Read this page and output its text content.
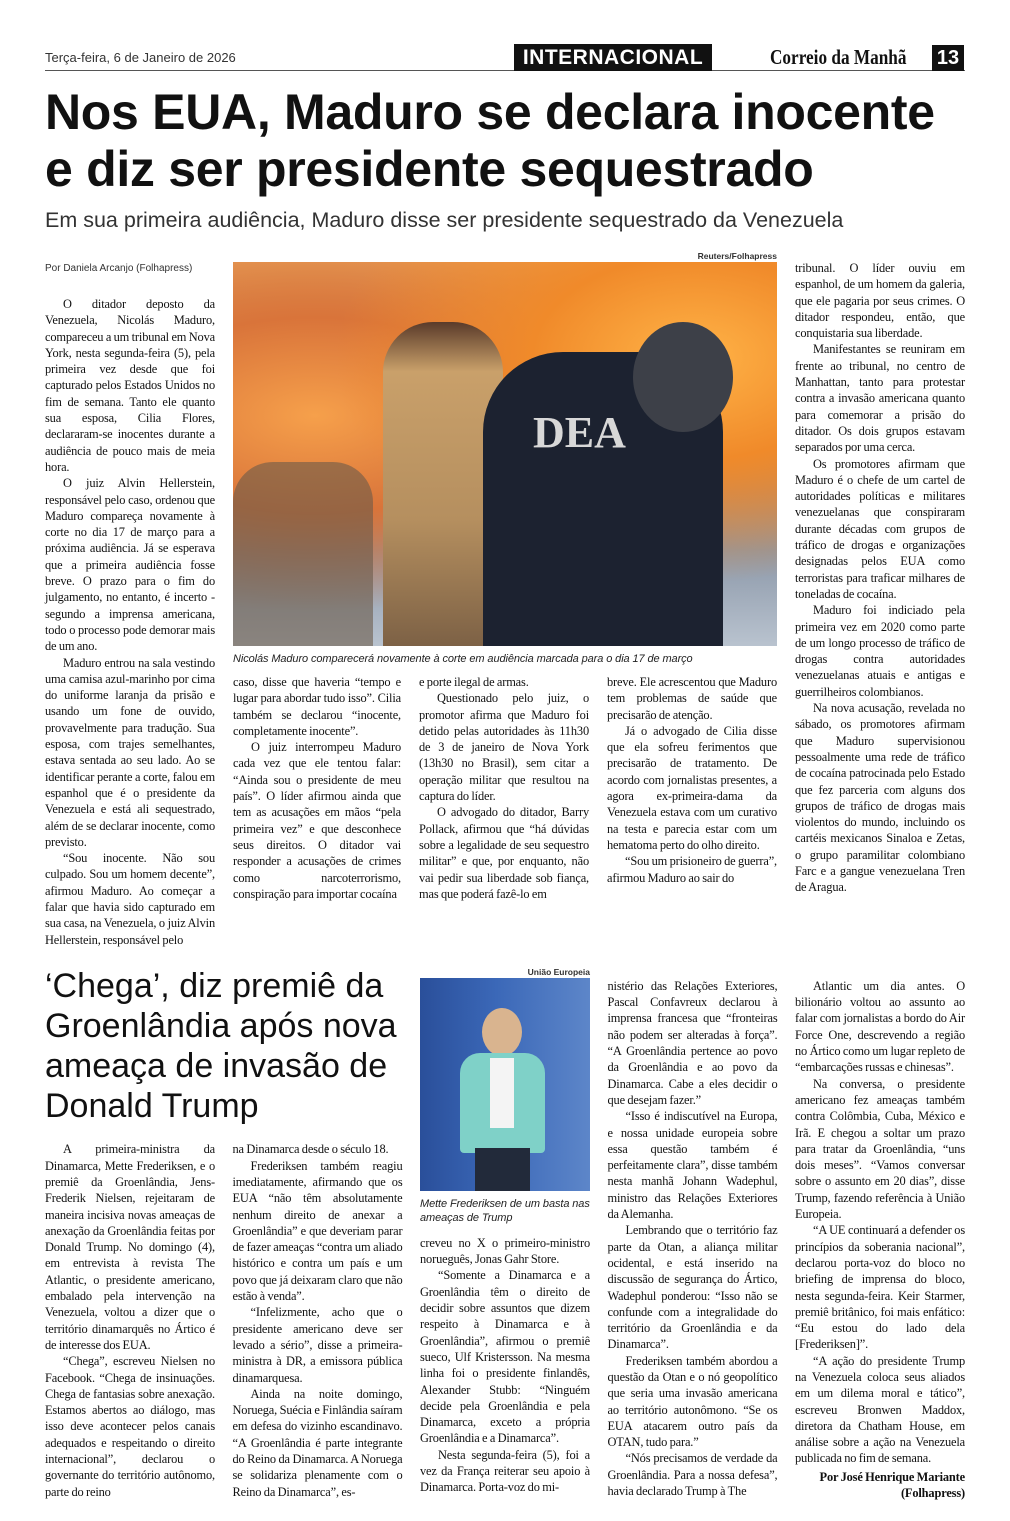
Terça-feira, 6 de Janeiro de 2026	INTERNACIONAL	Correio da Manhã 13
Nos EUA, Maduro se declara inocente e diz ser presidente sequestrado
Em sua primeira audiência, Maduro disse ser presidente sequestrado da Venezuela
Por Daniela Arcanjo (Folhapress)

O ditador deposto da Venezuela, Nicolás Maduro, compareceu a um tribunal em Nova York, nesta segunda-feira (5), pela primeira vez desde que foi capturado pelos Estados Unidos no fim de semana. Tanto ele quanto sua esposa, Cilia Flores, declararam-se inocentes durante a audiência de pouco mais de meia hora.

O juiz Alvin Hellerstein, responsável pelo caso, ordenou que Maduro compareça novamente à corte no dia 17 de março para a próxima audiência. Já se esperava que a primeira audiência fosse breve. O prazo para o fim do julgamento, no entanto, é incerto - segundo a imprensa americana, todo o processo pode demorar mais de um ano.

Maduro entrou na sala vestindo uma camisa azul-marinho por cima do uniforme laranja da prisão e usando um fone de ouvido, provavelmente para tradução. Sua esposa, com trajes semelhantes, estava sentada ao seu lado. Ao se identificar perante a corte, falou em espanhol que é o presidente da Venezuela e está ali sequestrado, além de se declarar inocente, como previsto.

“Sou inocente. Não sou culpado. Sou um homem decente”, afirmou Maduro. Ao começar a falar que havia sido capturado em sua casa, na Venezuela, o juiz Alvin Hellerstein, responsável pelo

Reuters/Folhapress
DEA
Nicolás Maduro comparecerá novamente à corte em audiência marcada para o dia 17 de março

caso, disse que haveria “tempo e lugar para abordar tudo isso”. Cilia também se declarou “inocente, completamente inocente”.

O juiz interrompeu Maduro cada vez que ele tentou falar: “Ainda sou o presidente de meu país”. O líder afirmou ainda que tem as acusações em mãos “pela primeira vez” e que desconhece seus direitos. O ditador vai responder a acusações de crimes como narcoterrorismo, conspiração para importar cocaína

e porte ilegal de armas.

Questionado pelo juiz, o promotor afirma que Maduro foi detido pelas autoridades às 11h30 de 3 de janeiro de Nova York (13h30 no Brasil), sem citar a operação militar que resultou na captura do líder.

O advogado do ditador, Barry Pollack, afirmou que “há dúvidas sobre a legalidade de seu sequestro militar” e que, por enquanto, não vai pedir sua liberdade sob fiança, mas que poderá fazê-lo em

breve. Ele acrescentou que Maduro tem problemas de saúde que precisarão de atenção.

Já o advogado de Cilia disse que ela sofreu ferimentos que precisarão de tratamento. De acordo com jornalistas presentes, a agora ex-primeira-dama da Venezuela estava com um curativo na testa e parecia estar com um hematoma perto do olho direito.

“Sou um prisioneiro de guerra”, afirmou Maduro ao sair do

tribunal. O líder ouviu em espanhol, de um homem da galeria, que ele pagaria por seus crimes. O ditador respondeu, então, que conquistaria sua liberdade.

Manifestantes se reuniram em frente ao tribunal, no centro de Manhattan, tanto para protestar contra a invasão americana quanto para comemorar a prisão do ditador. Os dois grupos estavam separados por uma cerca.

Os promotores afirmam que Maduro é o chefe de um cartel de autoridades políticas e militares venezuelanas que conspiraram durante décadas com grupos de tráfico de drogas e organizações designadas pelos EUA como terroristas para traficar milhares de toneladas de cocaína.

Maduro foi indiciado pela primeira vez em 2020 como parte de um longo processo de tráfico de drogas contra autoridades venezuelanas atuais e antigas e guerrilheiros colombianos.

Na nova acusação, revelada no sábado, os promotores afirmam que Maduro supervisionou pessoalmente uma rede de tráfico de cocaína patrocinada pelo Estado que fez parceria com alguns dos grupos de tráfico de drogas mais violentos do mundo, incluindo os cartéis mexicanos Sinaloa e Zetas, o grupo paramilitar colombiano Farc e a gangue venezuelana Tren de Aragua.

‘Chega’, diz premiê da Groenlândia após nova ameaça de invasão de Donald Trump

A primeira-ministra da Dinamarca, Mette Frederiksen, e o premiê da Groenlândia, Jens-Frederik Nielsen, rejeitaram de maneira incisiva novas ameaças de anexação da Groenlândia feitas por Donald Trump. No domingo (4), em entrevista à revista The Atlantic, o presidente americano, embalado pela intervenção na Venezuela, voltou a dizer que o território dinamarquês no Ártico é de interesse dos EUA.

“Chega”, escreveu Nielsen no Facebook. “Chega de insinuações. Chega de fantasias sobre anexação. Estamos abertos ao diálogo, mas isso deve acontecer pelos canais adequados e respeitando o direito internacional”, declarou o governante do território autônomo, parte do reino

na Dinamarca desde o século 18.

Frederiksen também reagiu imediatamente, afirmando que os EUA “não têm absolutamente nenhum direito de anexar a Groenlândia” e que deveriam parar de fazer ameaças “contra um aliado histórico e contra um país e um povo que já deixaram claro que não estão à venda”.

“Infelizmente, acho que o presidente americano deve ser levado a sério”, disse a primeira-ministra à DR, a emissora pública dinamarquesa.

Ainda na noite domingo, Noruega, Suécia e Finlândia saíram em defesa do vizinho escandinavo. “A Groenlândia é parte integrante do Reino da Dinamarca. A Noruega se solidariza plenamente com o Reino da Dinamarca”, es-

União Europeia
Mette Frederiksen de um basta nas ameaças de Trump

creveu no X o primeiro-ministro norueguês, Jonas Gahr Store.

“Somente a Dinamarca e a Groenlândia têm o direito de decidir sobre assuntos que dizem respeito à Dinamarca e à Groenlândia”, afirmou o premiê sueco, Ulf Kristersson. Na mesma linha foi o presidente finlandês, Alexander Stubb: “Ninguém decide pela Groenlândia e pela Dinamarca, exceto a própria Groenlândia e a Dinamarca”.

Nesta segunda-feira (5), foi a vez da França reiterar seu apoio à Dinamarca. Porta-voz do mi-

nistério das Relações Exteriores, Pascal Confavreux declarou à imprensa francesa que “fronteiras não podem ser alteradas à força”. “A Groenlândia pertence ao povo da Groenlândia e ao povo da Dinamarca. Cabe a eles decidir o que desejam fazer.”

“Isso é indiscutível na Europa, e nossa unidade europeia sobre essa questão também é perfeitamente clara”, disse também nesta manhã Johann Wadephul, ministro das Relações Exteriores da Alemanha.

Lembrando que o território faz parte da Otan, a aliança militar ocidental, e está inserido na discussão de segurança do Ártico, Wadephul ponderou: “Isso não se confunde com a integralidade do território da Groenlândia e da Dinamarca”.

Frederiksen também abordou a questão da Otan e o nó geopolítico que seria uma invasão americana ao território autonômono. “Se os EUA atacarem outro país da OTAN, tudo para.”

“Nós precisamos de verdade da Groenlândia. Para a nossa defesa”, havia declarado Trump à The

Atlantic um dia antes. O bilionário voltou ao assunto ao falar com jornalistas a bordo do Air Force One, descrevendo a região no Ártico como um lugar repleto de “embarcações russas e chinesas”.

Na conversa, o presidente americano fez ameaças também contra Colômbia, Cuba, México e Irã. E chegou a soltar um prazo para tratar da Groenlândia, “uns dois meses”. “Vamos conversar sobre o assunto em 20 dias”, disse Trump, fazendo referência à União Europeia.

“A UE continuará a defender os princípios da soberania nacional”, declarou porta-voz do bloco no briefing de imprensa do bloco, nesta segunda-feira. Keir Starmer, premiê britânico, foi mais enfático: “Eu estou do lado dela [Frederiksen]”.

“A ação do presidente Trump na Venezuela coloca seus aliados em um dilema moral e tático”, escreveu Bronwen Maddox, diretora da Chatham House, em análise sobre a ação na Venezuela publicada no fim de semana.

Por José Henrique Mariante (Folhapress)
